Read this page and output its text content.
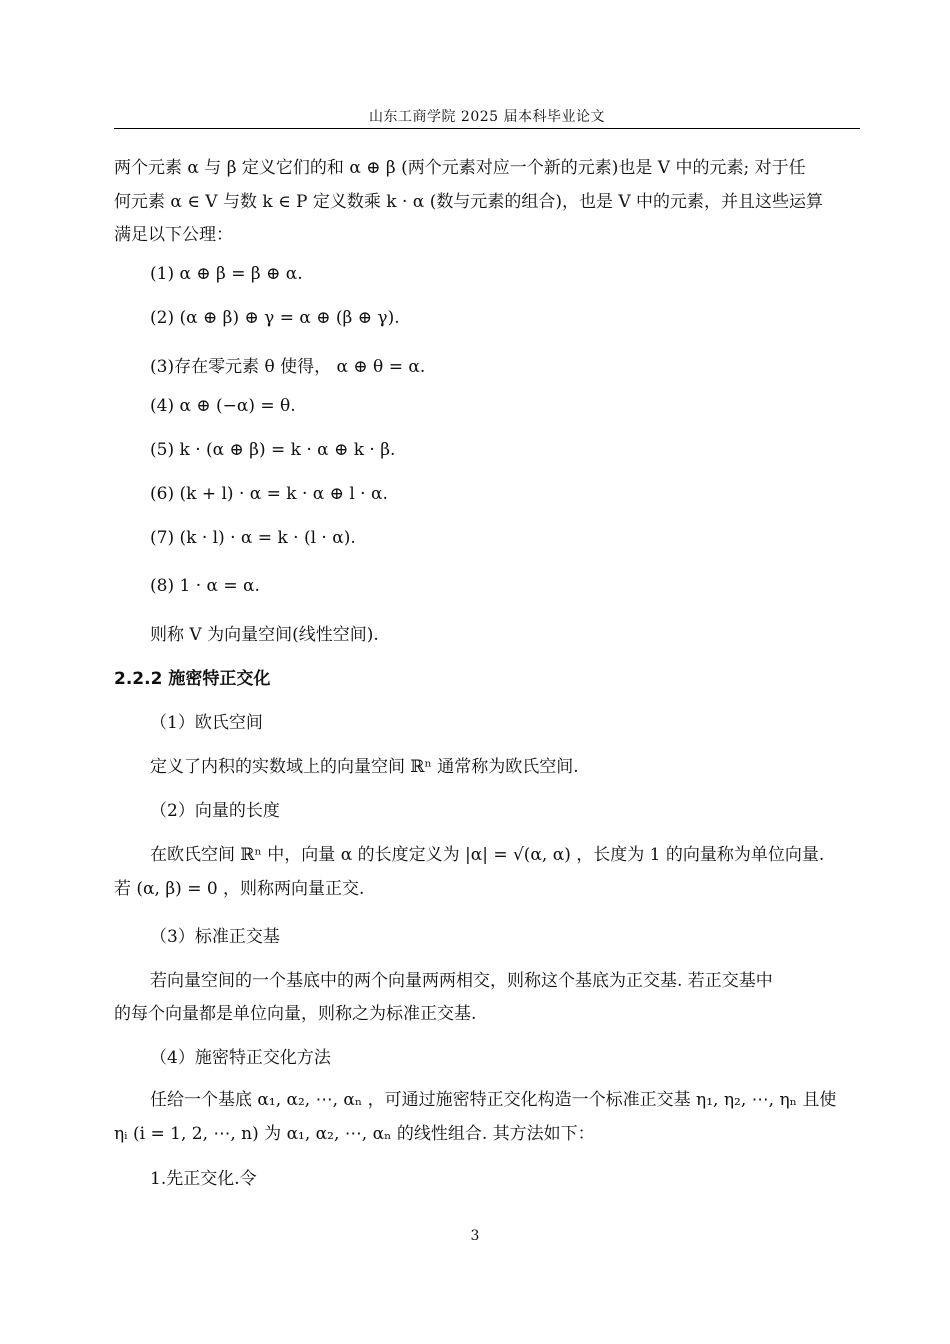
山东工商学院 2025 届本科毕业论文
两个元素 α 与 β 定义它们的和 α ⊕ β (两个元素对应一个新的元素)也是 V 中的元素; 对于任
何元素 α ∈ V 与数 k ∈ P 定义数乘 k · α (数与元素的组合)，也是 V 中的元素，并且这些运算
满足以下公理：
(1) α ⊕ β = β ⊕ α.
(2) (α ⊕ β) ⊕ γ = α ⊕ (β ⊕ γ).
(3)存在零元素 θ 使得， α ⊕ θ = α.
(4) α ⊕ (−α) = θ.
(5) k · (α ⊕ β) = k · α ⊕ k · β.
(6) (k + l) · α = k · α ⊕ l · α.
(7) (k · l) · α = k · (l · α).
(8) 1 · α = α.
则称 V 为向量空间(线性空间).
2.2.2 施密特正交化
（1）欧氏空间
定义了内积的实数域上的向量空间 ℝⁿ 通常称为欧氏空间.
（2）向量的长度
在欧氏空间 ℝⁿ 中，向量 α 的长度定义为 |α| = √(α, α) ，长度为 1 的向量称为单位向量.
若 (α, β) = 0 ，则称两向量正交.
（3）标准正交基
若向量空间的一个基底中的两个向量两两相交，则称这个基底为正交基. 若正交基中
的每个向量都是单位向量，则称之为标准正交基.
（4）施密特正交化方法
任给一个基底 α₁, α₂, ⋯, αₙ ，可通过施密特正交化构造一个标准正交基 η₁, η₂, ⋯, ηₙ 且使
ηᵢ (i = 1, 2, ⋯, n) 为 α₁, α₂, ⋯, αₙ 的线性组合. 其方法如下：
1.先正交化.令
3
